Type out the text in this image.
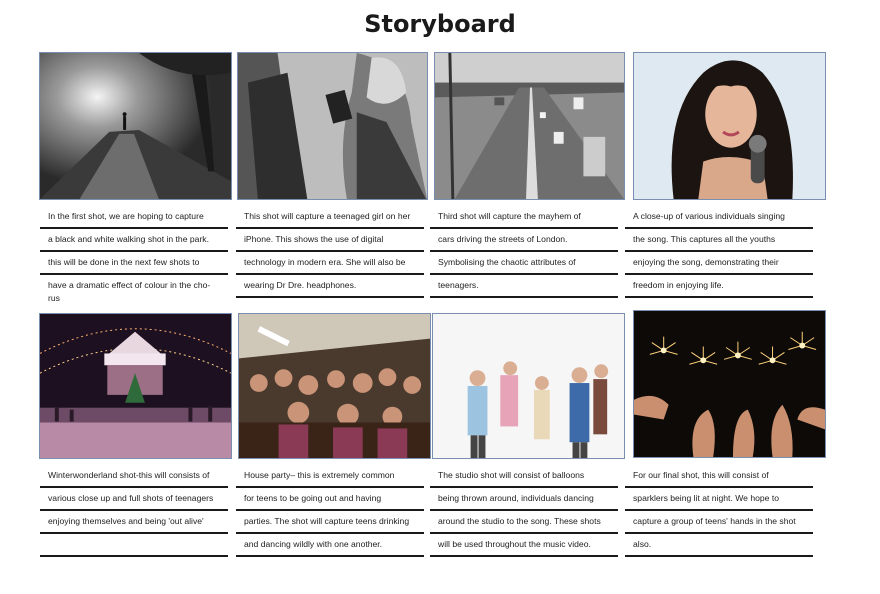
Storyboard
In the first shot, we are hoping to capture
a black and white walking shot in the park.
this will be done in the next few shots to
have a dramatic effect of colour in the cho-
rus
This shot will capture a teenaged girl on her
iPhone. This shows the use of digital
technology in modern era. She will also be
wearing Dr Dre. headphones.
Third shot will capture the mayhem of
cars driving the streets of London.
Symbolising the chaotic attributes of
teenagers.
A close-up of various individuals singing
the song. This captures all the youths
enjoying the song, demonstrating their
freedom in enjoying life.
Winterwonderland shot-this will consists of
various close up and full shots of teenagers
enjoying themselves and being 'out alive'
House party– this is extremely common
for teens to be going out and having
parties. The shot will capture teens drinking
and dancing wildly with one another.
The studio shot will consist of balloons
being thrown around, individuals dancing
around the studio to the song. These shots
will be used throughout the music video.
For our final shot, this will consist of
sparklers being lit at night. We hope to
capture a group of teens' hands in the shot
also.
